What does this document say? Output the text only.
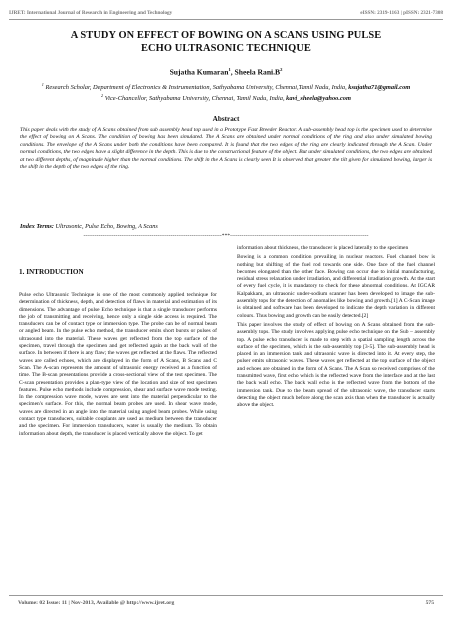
IJRET: International Journal of Research in Engineering and Technology	eISSN: 2319-1163 | pISSN: 2321-7308
A STUDY ON EFFECT OF BOWING ON A SCANS USING PULSE
ECHO ULTRASONIC TECHNIQUE
Sujatha Kumaran$^1$, Sheela $Rani.B^2$
$^1$ Research Scholar, Department of Electronics & Instrumentation, Sathyabama University, Chennai,Tamil Nadu, India, ksujatha71@gmail.com
$^2$ Vice-Chancellor, Sathyabama University, Chennai, Tamil Nadu, India, kavi_sheela@yahoo.com
Abstract
This paper deals with the study of A Scans obtained from sub assembly head top used in a Prototype Fast Breeder Reactor. A sub-assembly head top is the specimen used to determine the effect of bowing on A Scans. The condition of bowing has been simulated. The A Scans are obtained under normal conditions of the ring and also under simulated bowing conditions. The envelope of the A Scans under both the conditions have been compared. It is found that the two edges of the ring are clearly indicated through the A Scan. Under normal conditions, the two edges have a slight difference in the depth. This is due to the constructional feature of the object. But under simulated conditions, the two edges are obtained at two different depths, of magnitude higher than the normal conditions. The shift in the A Scans is clearly seen It is observed that greater the tilt given for simulated bowing, larger is the shift in the depth of the two edges of the ring.
Index Terms: Ultrasonic, Pulse Echo, Bowing, A Scans
-------------------------------------------------------------------------***-------------------------------------------------------------------------
1. INTRODUCTION

Pulse echo Ultrasonic Technique is one of the most commonly applied technique for determination of thickness, depth, and detection of flaws in material and estimation of its dimensions. The advantage of pulse Echo technique is that a single transducer performs the job of transmitting and receiving, hence only a single side access is required. The transducers can be of contact type or immersion type. The probe can be of normal beam or angled beam. In the pulse echo method, the transducer emits short bursts or pulses of ultrasound into the material. These waves get reflected from the top surface of the specimen, travel through the specimen and get reflected again at the back wall of the surface. In between if there is any flaw; the waves get reflected at the flaws. The reflected waves are called echoes, which are displayed in the form of A Scans, B Scans and C Scan. The A-scan represents the amount of ultrasonic energy received as a function of time. The B-scan presentations provide a cross-sectional view of the test specimen. The C-scan presentation provides a plan-type view of the location and size of test specimen features. Pulse echo methods include compression, shear and surface wave mode testing. In the compression wave mode, waves are sent into the material perpendicular to the specimen's surface. For this, the normal beam probes are used. In shear wave mode, waves are directed in an angle into the material using angled beam probes. While using contact type transducers, suitable couplants are used as medium between the transducer and the specimen. For immersion transducers, water is usually the medium. To obtain information about depth, the transducer is placed vertically above the object. To get

information about thickness, the transducer is placed laterally to the specimen

Bowing is a common condition prevailing in nuclear reactors. Fuel channel bow is nothing but shifting of the fuel rod towards one side. One face of the fuel channel becomes elongated than the other face. Bowing can occur due to initial manufacturing, residual stress relaxation under irradiation, and differential irradiation growth. At the start of every fuel cycle, it is mandatory to check for these abnormal conditions. At IGCAR Kalpakkam, an ultrasonic under-sodium scanner has been developed to image the sub-assembly tops for the detection of anomalies like bowing and growth.[1] A C-Scan image is obtained and software has been developed to indicate the depth variation in different colours. Thus bowing and growth can be easily detected.[2]

This paper involves the study of effect of bowing on A Scans obtained from the sub-assembly tops. The study involves applying pulse echo technique on the Sub – assembly top. A pulse echo transducer is made to step with a spatial sampling length across the surface of the specimen, which is the sub-assembly top [3-5]. The sub-assembly head is placed in an immersion tank and ultrasonic wave is directed into it. At every step, the pulser emits ultrasonic waves. These waves get reflected at the top surface of the object and echoes are obtained in the form of A Scans. The A Scan so received comprises of the transmitted wave, first echo which is the reflected wave from the interface and at the last the back wall echo. The back wall echo is the reflected wave from the bottom of the immersion tank. Due to the beam spread of the ultrasonic wave, the transducer starts detecting the object much before along the scan axis than when the transducer is actually above the object.

Volume: 02 Issue: 11 | Nov-2013, Available @ http://www.ijret.org	575
